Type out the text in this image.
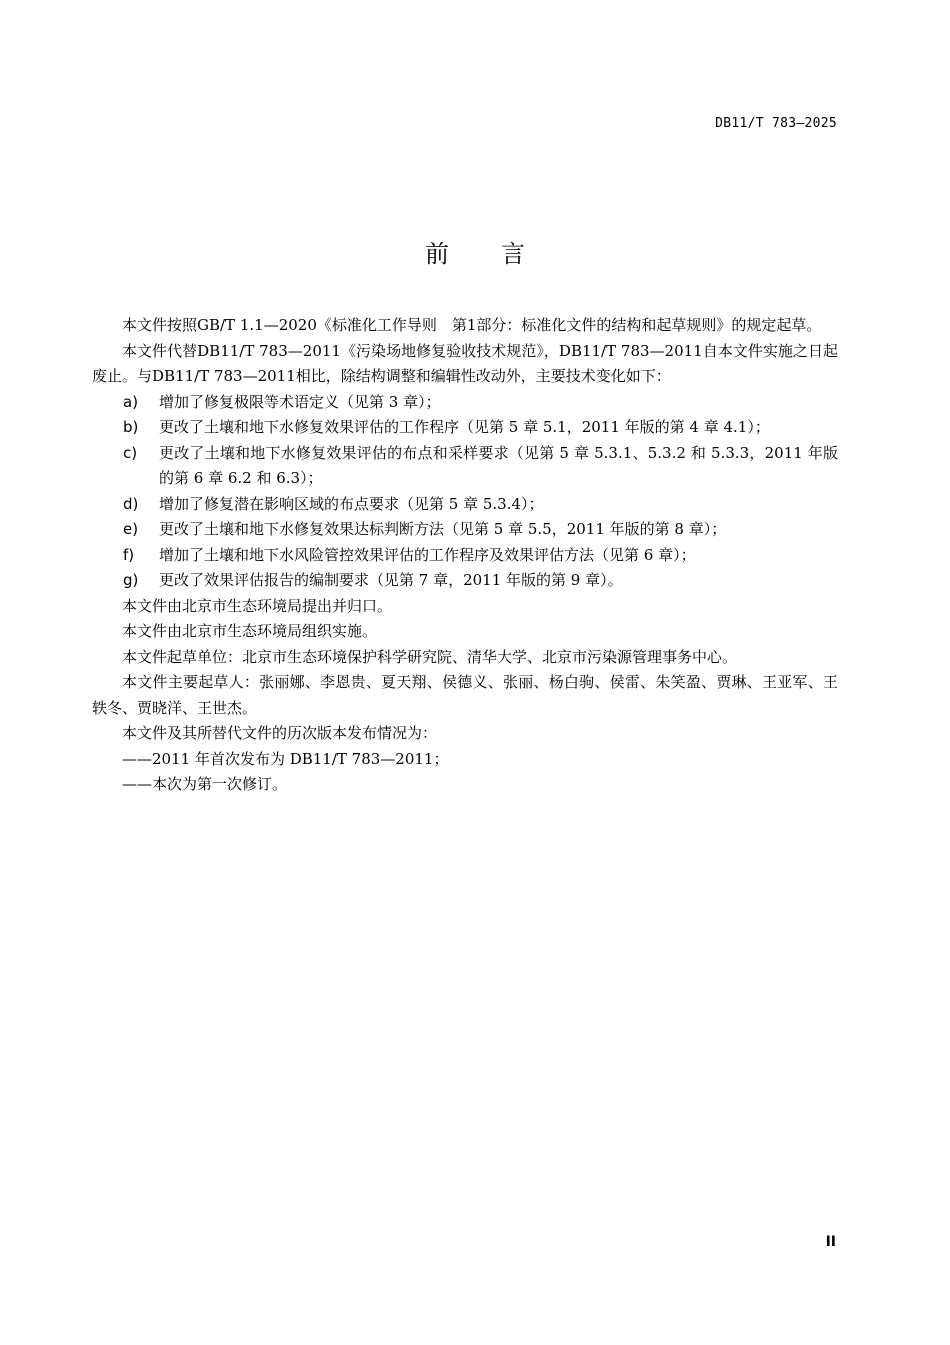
DB11/T 783—2025
前言

本文件按照GB/T 1.1—2020《标准化工作导则　第1部分：标准化文件的结构和起草规则》的规定起草。

本文件代替DB11/T 783—2011《污染场地修复验收技术规范》，DB11/T 783—2011自本文件实施之日起废止。与DB11/T 783—2011相比，除结构调整和编辑性改动外，主要技术变化如下：

a) 增加了修复极限等术语定义（见第 3 章）；
b) 更改了土壤和地下水修复效果评估的工作程序（见第 5 章 5.1，2011 年版的第 4 章 4.1）；
c) 更改了土壤和地下水修复效果评估的布点和采样要求（见第 5 章 5.3.1、5.3.2 和 5.3.3，2011 年版的第 6 章 6.2 和 6.3）；
d) 增加了修复潜在影响区域的布点要求（见第 5 章 5.3.4）；
e) 更改了土壤和地下水修复效果达标判断方法（见第 5 章 5.5，2011 年版的第 8 章）；
f) 增加了土壤和地下水风险管控效果评估的工作程序及效果评估方法（见第 6 章）；
g) 更改了效果评估报告的编制要求（见第 7 章，2011 年版的第 9 章）。

本文件由北京市生态环境局提出并归口。

本文件由北京市生态环境局组织实施。

本文件起草单位：北京市生态环境保护科学研究院、清华大学、北京市污染源管理事务中心。

本文件主要起草人：张丽娜、李恩贵、夏天翔、侯德义、张丽、杨白驹、侯雷、朱笑盈、贾琳、王亚军、王轶冬、贾晓洋、王世杰。

本文件及其所替代文件的历次版本发布情况为：

——2011 年首次发布为 DB11/T 783—2011；

——本次为第一次修订。

II
